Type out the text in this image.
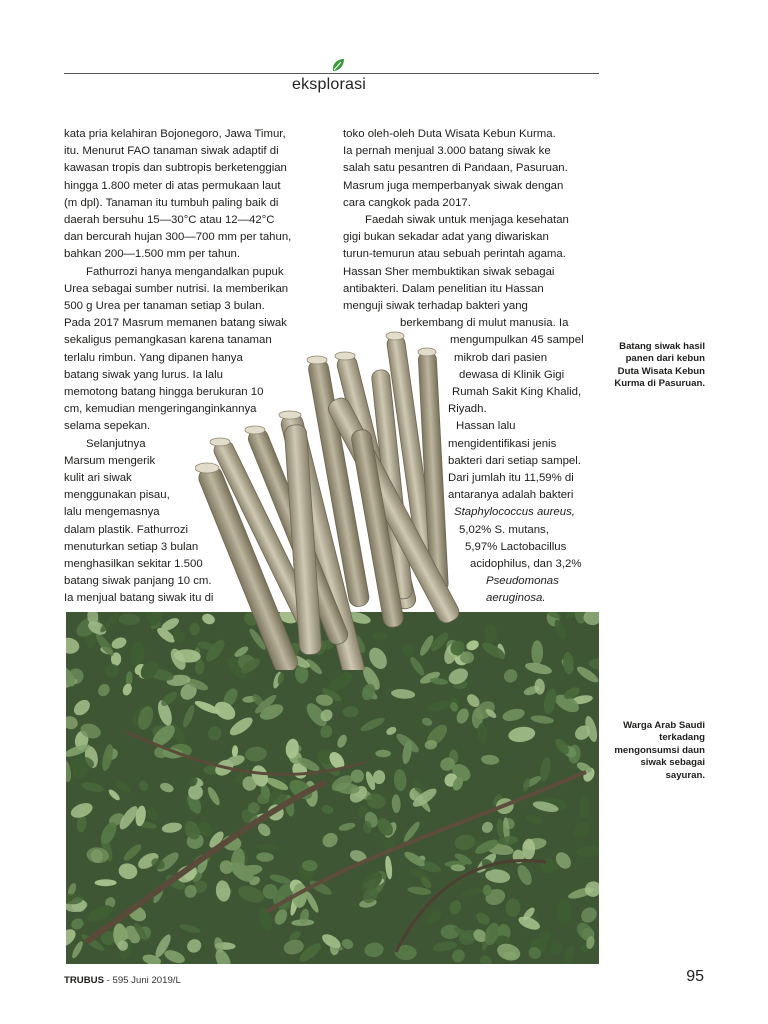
eksplorasi
kata pria kelahiran Bojonegoro, Jawa Timur,
itu. Menurut FAO tanaman siwak adaptif di
kawasan tropis dan subtropis berketenggian
hingga 1.800 meter di atas permukaan laut
(m dpl). Tanaman itu tumbuh paling baik di
daerah bersuhu 15—30°C atau 12—42°C
dan bercurah hujan 300—700 mm per tahun,
bahkan 200—1.500 mm per tahun.
Fathurrozi hanya mengandalkan pupuk
Urea sebagai sumber nutrisi. Ia memberikan
500 g Urea per tanaman setiap 3 bulan.
Pada 2017 Masrum memanen batang siwak
sekaligus pemangkasan karena tanaman
terlalu rimbun. Yang dipanen hanya
batang siwak yang lurus. Ia lalu
memotong batang hingga berukuran 10
cm, kemudian mengeringanginkannya
selama sepekan.
Selanjutnya
Marsum mengerik
kulit ari siwak
menggunakan pisau,
lalu mengemasnya
dalam plastik. Fathurrozi
menuturkan setiap 3 bulan
menghasilkan sekitar 1.500
batang siwak panjang 10 cm.
Ia menjual batang siwak itu di
toko oleh-oleh Duta Wisata Kebun Kurma.
Ia pernah menjual 3.000 batang siwak ke
salah satu pesantren di Pandaan, Pasuruan.
Masrum juga memperbanyak siwak dengan
cara cangkok pada 2017.
Faedah siwak untuk menjaga kesehatan
gigi bukan sekadar adat yang diwariskan
turun-temurun atau sebuah perintah agama.
Hassan Sher membuktikan siwak sebagai
antibakteri. Dalam penelitian itu Hassan
menguji siwak terhadap bakteri yang
berkembang di mulut manusia. Ia
mengumpulkan 45 sampel
mikrob dari pasien
dewasa di Klinik Gigi
Rumah Sakit King Khalid,
Riyadh.
Hassan lalu
mengidentifikasi jenis
bakteri dari setiap sampel.
Dari jumlah itu 11,59% di
antaranya adalah bakteri
Staphylococcus aureus,
5,02% S. mutans,
5,97% Lactobacillus
acidophilus, dan 3,2%
Pseudomonas
aeruginosa.
Batang siwak hasil panen dari kebun Duta Wisata Kebun Kurma di Pasuruan.
Warga Arab Saudi terkadang mengonsumsi daun siwak sebagai sayuran.
TRUBUS - 595 Juni 2019/L	95
